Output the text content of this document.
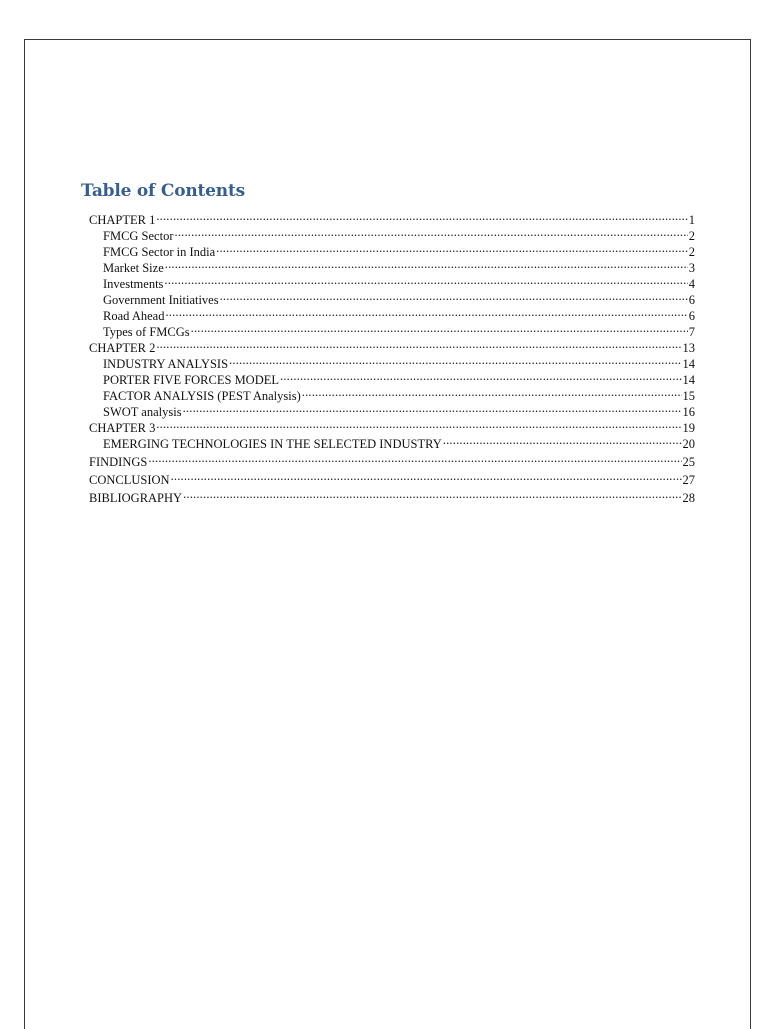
Table of Contents
CHAPTER 1 .....	1
FMCG Sector .....	2
FMCG Sector in India .....	2
Market Size .....	3
Investments .....	4
Government Initiatives .....	6
Road Ahead .....	6
Types of FMCGs .....	7
CHAPTER 2 .....	13
INDUSTRY ANALYSIS .....	14
PORTER FIVE FORCES MODEL .....	14
FACTOR ANALYSIS (PEST Analysis) .....	15
SWOT analysis .....	16
CHAPTER 3 .....	19
EMERGING TECHNOLOGIES IN THE SELECTED INDUSTRY .....	20
FINDINGS .....	25
CONCLUSION .....	27
BIBLIOGRAPHY .....	28
